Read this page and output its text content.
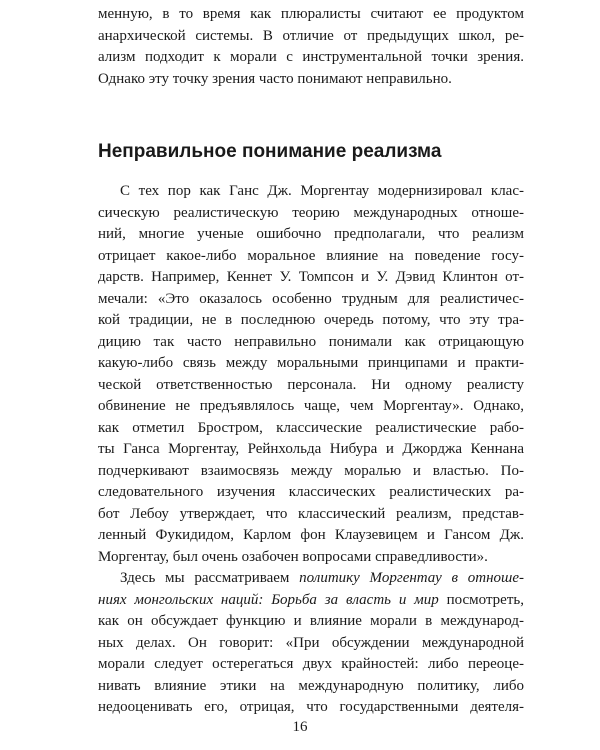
менную, в то время как плюралисты считают ее продуктом
анархической системы. В отличие от предыдущих школ, ре-
ализм подходит к морали с инструментальной точки зрения.
Однако эту точку зрения часто понимают неправильно.
Неправильное понимание реализма
С тех пор как Ганс Дж. Моргентау модернизировал клас-
сическую реалистическую теорию международных отноше-
ний, многие ученые ошибочно предполагали, что реализм
отрицает какое-либо моральное влияние на поведение госу-
дарств. Например, Кеннет У. Томпсон и У. Дэвид Клинтон от-
мечали: «Это оказалось особенно трудным для реалистичес-
кой традиции, не в последнюю очередь потому, что эту тра-
дицию так часто неправильно понимали как отрицающую
какую-либо связь между моральными принципами и практи-
ческой ответственностью персонала. Ни одному реалисту
обвинение не предъявлялось чаще, чем Моргентау». Однако,
как отметил Бростром, классические реалистические рабо-
ты Ганса Моргентау, Рейнхольда Нибура и Джорджа Кеннана
подчеркивают взаимосвязь между моралью и властью. По-
следовательного изучения классических реалистических ра-
бот Лебоу утверждает, что классический реализм, представ-
ленный Фукидидом, Карлом фон Клаузевицем и Гансом Дж.
Моргентау, был очень озабочен вопросами справедливости».
Здесь мы рассматриваем политику Моргентау в отноше-
ниях монгольских наций: Борьба за власть и мир посмотреть,
как он обсуждает функцию и влияние морали в международ-
ных делах. Он говорит: «При обсуждении международной
морали следует остерегаться двух крайностей: либо переоце-
нивать влияние этики на международную политику, либо
недооценивать его, отрицая, что государственными деятеля-
16
